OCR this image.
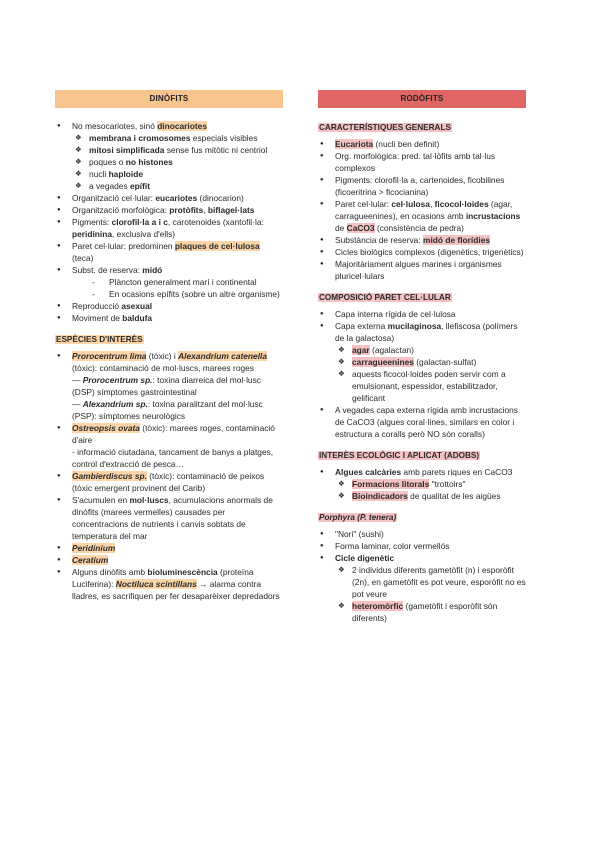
DINÒFITS
● No mesocariotes, sinó dinocariotes
❖ membrana i cromosomes especials visibles
❖ mitosi simplificada sense fus mitòtic ni centriol
❖ poques o no histones
❖ nucli haploide
❖ a vegades epífit
● Organització cel·lular: eucariotes (dinocarion)
● Organització morfològica: protòfits, biflagel·lats
● Pigments: clorofil·la a i c, carotenoides (xantofil·la: peridinina, exclusiva d'ells)
● Paret cel·lular: predominen plaques de cel·lulosa (teca)
● Subst. de reserva: midó
- Plàncton generalment marí i continental
- En ocasions epífits (sobre un altre organisme)
● Reproducció asexual
● Moviment de baldufa
ESPÈCIES D'INTERÈS
● Prorocentrum lima (tòxic) i Alexandrium catenella (tòxic): contaminació de mol·luscs, marees roges
— Prorocentrum sp.: toxina diarreica del mol·lusc (DSP) símptomes gastrointestinal
— Alexandrium sp.: toxina paralitzant del mol·lusc (PSP): símptomes neurològics
● Ostreopsis ovata (tòxic): marees roges, contaminació d'aire
- informació ciutadana, tancament de banys a platges, control d'extracció de pesca…
● Gambierdiscus sp. (tòxic): contaminació de peixos (tòxic emergent provinent del Carib)
● S'acumulen en mol·luscs, acumulacions anormals de dinòfits (marees vermelles) causades per concentracions de nutrients i canvis sobtats de temperatura del mar
● Peridinium
● Ceratium
● Alguns dinòfits amb bioluminescència (proteïna Luciferina): Noctiluca scintillans → alarma contra lladres, es sacrifiquen per fer desaparèixer depredadors
RODÒFITS
CARACTERÍSTIQUES GENERALS
● Eucariota (nucli ben definit)
● Org. morfològica: pred. tal·lòfits amb tal·lus complexos
● Pigments: clorofil·la a, cartenoides, ficobilines (ficoeritrina > ficocianina)
● Paret cel·lular: cel·lulosa, ficocol·loides (agar, carragueenines), en ocasions amb incrustacions de CaCO3 (consistència de pedra)
● Substància de reserva: midó de florídies
● Cicles biològics complexos (digenètics, trigenètics)
● Majoritàriament algues marines i organismes pluricel·lulars
COMPOSICIÓ PARET CEL·LULAR
● Capa interna rígida de cel·lulosa
● Capa externa mucilaginosa, llefiscosa (polímers de la galactosa)
❖ agar (agalactan)
❖ carragueenines (galactan-sulfat)
❖ aquests ficocol·loides poden servir com a emulsionant, espessidor, estabilitzador, gelificant
● A vegades capa externa rígida amb incrustacions de CaCO3 (algues coral·lines, similars en color i estructura a coralls però NO són coralls)
INTERÈS ECOLÒGIC I APLICAT (ADOBS)
● Algues calcàries amb parets riques en CaCO3
❖ Formacions litorals "trottoirs"
❖ Bioindicadors de qualitat de les aigües
Porphyra (P. tenera)
● "Nori" (sushi)
● Forma laminar, color vermellós
● Cicle digenètic
❖ 2 individus diferents gametòfit (n) i esporòfit (2n), en gametòfit es pot veure, esporòfit no es pot veure
❖ heteromòrfic (gametòfit i esporòfit són diferents)
